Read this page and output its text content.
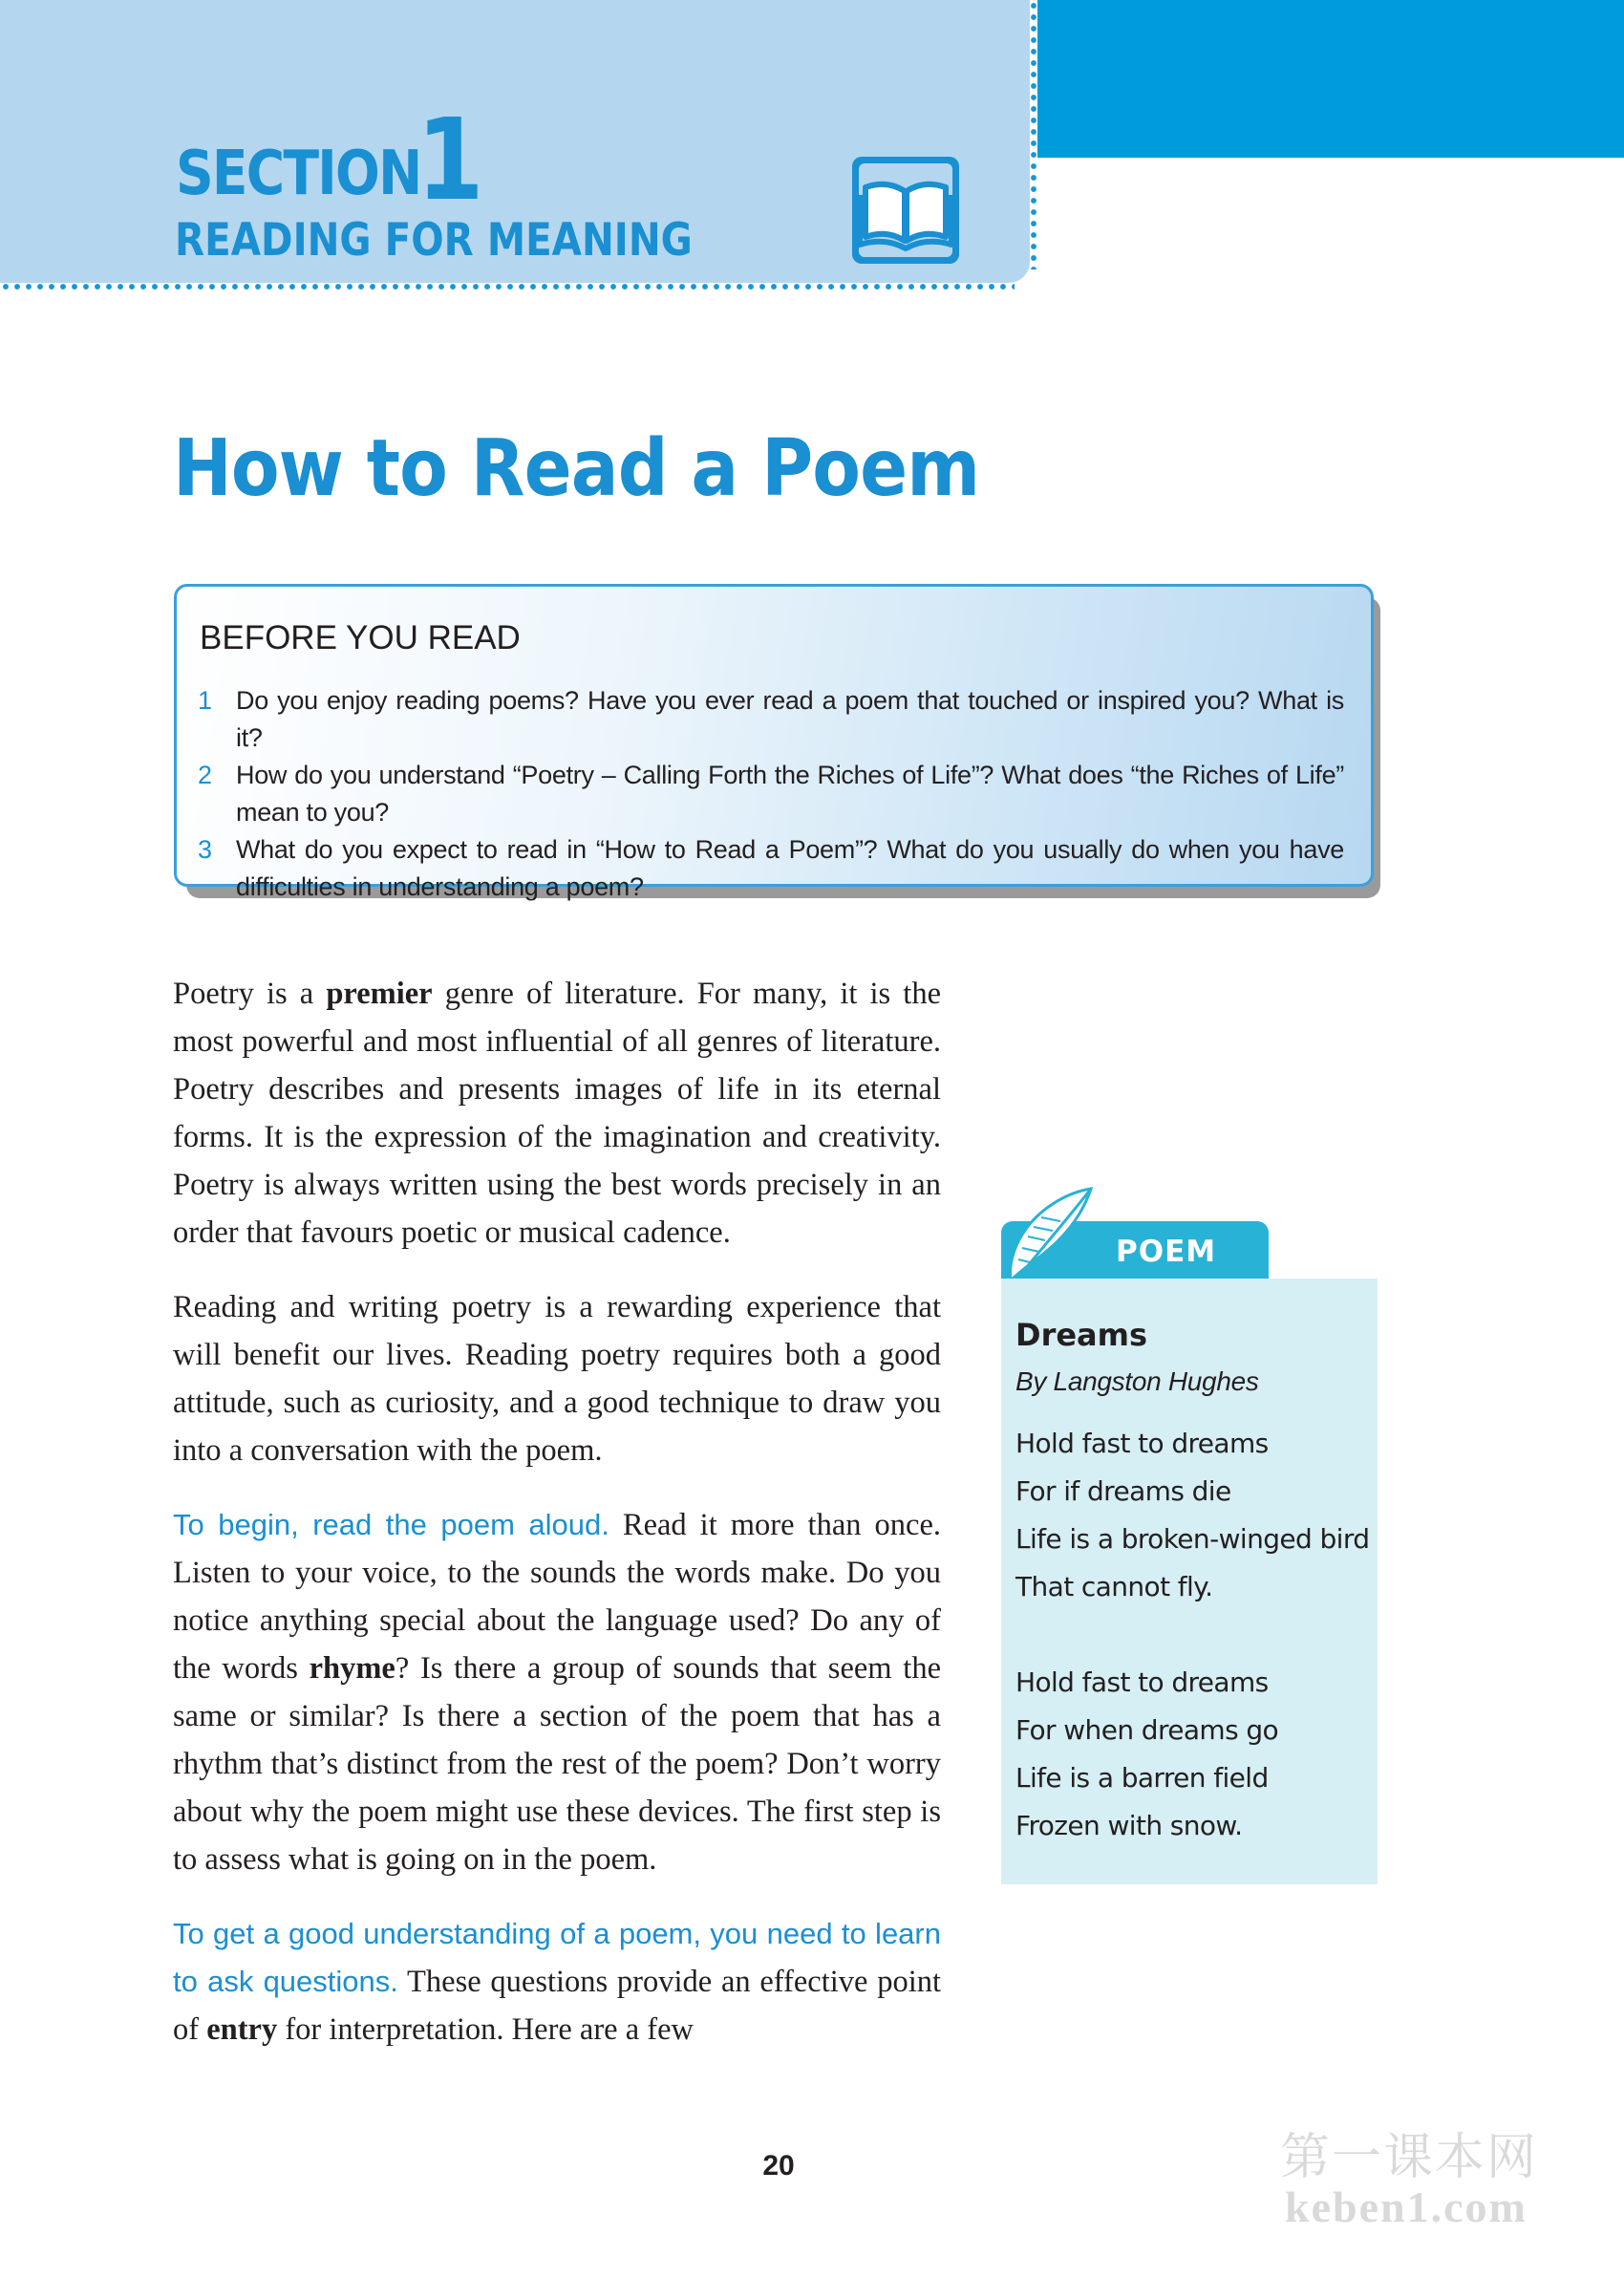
SECTION
1
READING FOR MEANING
How to Read a Poem
BEFORE YOU READ
1 Do you enjoy reading poems? Have you ever read a poem that touched or inspired you? What is it?
2 How do you understand “Poetry – Calling Forth the Riches of Life”? What does “the Riches of Life” mean to you?
3 What do you expect to read in “How to Read a Poem”? What do you usually do when you have difficulties in understanding a poem?

Poetry is a premier genre of literature. For many, it is the most powerful and most influential of all genres of literature. Poetry describes and presents images of life in its eternal forms. It is the expression of the imagination and creativity. Poetry is always written using the best words precisely in an order that favours poetic or musical cadence.

Reading and writing poetry is a rewarding experience that will benefit our lives. Reading poetry requires both a good attitude, such as curiosity, and a good technique to draw you into a conversation with the poem.

To begin, read the poem aloud. Read it more than once. Listen to your voice, to the sounds the words make. Do you notice anything special about the language used? Do any of the words rhyme? Is there a group of sounds that seem the same or similar? Is there a section of the poem that has a rhythm that’s distinct from the rest of the poem? Don’t worry about why the poem might use these devices. The first step is to assess what is going on in the poem.

To get a good understanding of a poem, you need to learn to ask questions. These questions provide an effective point of entry for interpretation. Here are a few

POEM
Dreams
By Langston Hughes
Hold fast to dreams
For if dreams die
Life is a broken-winged bird
That cannot fly.
Hold fast to dreams
For when dreams go
Life is a barren field
Frozen with snow.
20	第一课本网
keben1.com
